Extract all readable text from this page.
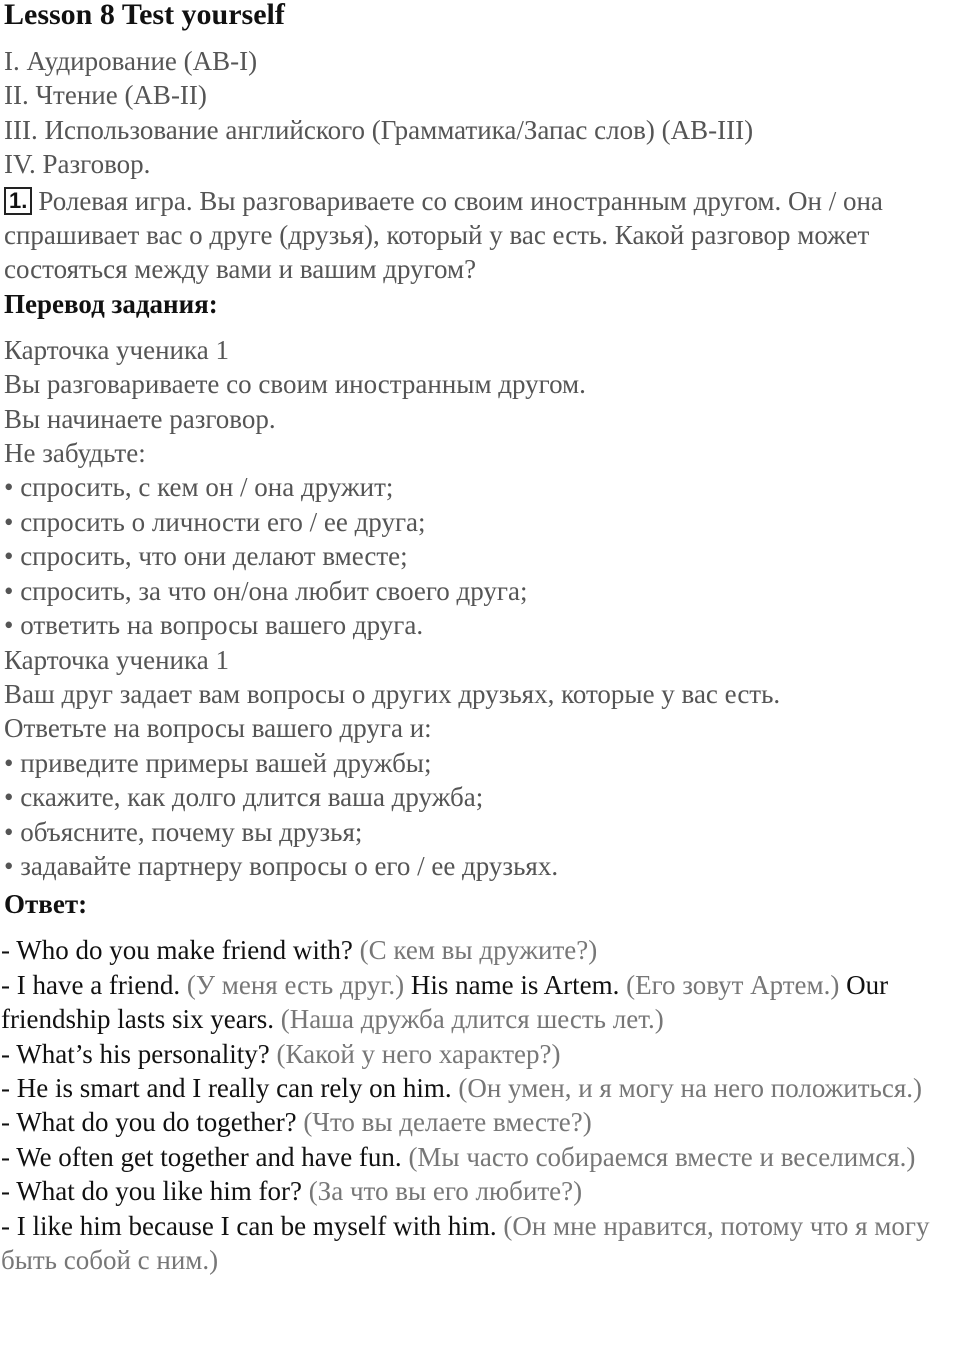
Lesson 8 Test yourself
I. Аудирование (AB-I)
II. Чтение (AB-II)
III. Использование английского (Грамматика/Запас слов) (AB-III)
IV. Разговор.
1. Ролевая игра. Вы разговариваете со своим иностранным другом. Он / она спрашивает вас о друге (друзья), который у вас есть. Какой разговор может состояться между вами и вашим другом?
Перевод задания:
Карточка ученика 1
Вы разговариваете со своим иностранным другом.
Вы начинаете разговор.
Не забудьте:
• спросить, с кем он / она дружит;
• спросить о личности его / ее друга;
• спросить, что они делают вместе;
• спросить, за что он/она любит своего друга;
• ответить на вопросы вашего друга.
Карточка ученика 1
Ваш друг задает вам вопросы о других друзьях, которые у вас есть.
Ответьте на вопросы вашего друга и:
• приведите примеры вашей дружбы;
• скажите, как долго длится ваша дружба;
• объясните, почему вы друзья;
• задавайте партнеру вопросы о его / ее друзьях.
Ответ:
- Who do you make friend with? (С кем вы дружите?)
- I have a friend. (У меня есть друг.) His name is Artem. (Его зовут Артем.) Our friendship lasts six years. (Наша дружба длится шесть лет.)
- What’s his personality? (Какой у него характер?)
- He is smart and I really can rely on him. (Он умен, и я могу на него положиться.)
- What do you do together? (Что вы делаете вместе?)
- We often get together and have fun. (Мы часто собираемся вместе и веселимся.)
- What do you like him for? (За что вы его любите?)
- I like him because I can be myself with him. (Он мне нравится, потому что я могу быть собой с ним.)
